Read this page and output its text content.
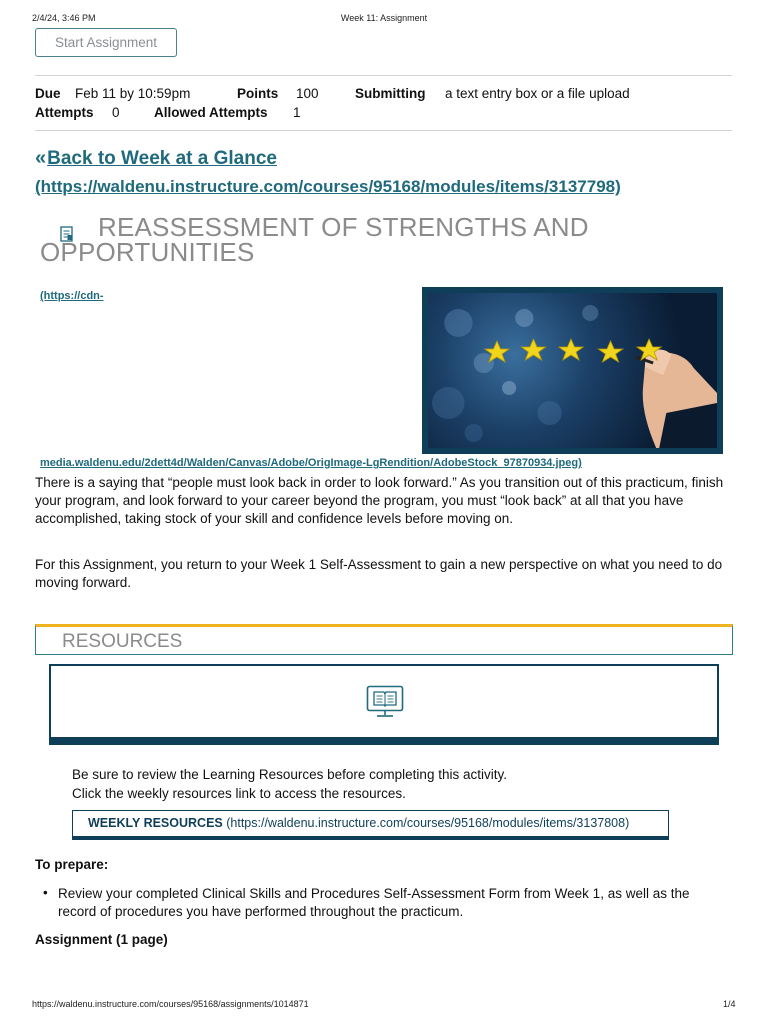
2/4/24, 3:46 PM	Week 11: Assignment
Start Assignment
Due Feb 11 by 10:59pm	Points 100	Submitting a text entry box or a file upload
Attempts 0	Allowed Attempts 1
«Back to Week at a Glance
(https://waldenu.instructure.com/courses/95168/modules/items/3137798)
REASSESSMENT OF STRENGTHS AND
OPPORTUNITIES
(https://cdn-
media.waldenu.edu/2dett4d/Walden/Canvas/Adobe/OrigImage-LgRendition/AdobeStock_97870934.jpeg)

There is a saying that “people must look back in order to look forward.” As you transition out of this practicum, finish your program, and look forward to your career beyond the program, you must “look back” at all that you have accomplished, taking stock of your skill and confidence levels before moving on.

For this Assignment, you return to your Week 1 Self-Assessment to gain a new perspective on what you need to do moving forward.

RESOURCES
Be sure to review the Learning Resources before completing this activity.
Click the weekly resources link to access the resources.
WEEKLY RESOURCES (https://waldenu.instructure.com/courses/95168/modules/items/3137808)
To prepare:
• Review your completed Clinical Skills and Procedures Self-Assessment Form from Week 1, as well as the record of procedures you have performed throughout the practicum.

Assignment (1 page)
https://waldenu.instructure.com/courses/95168/assignments/1014871	1/4
